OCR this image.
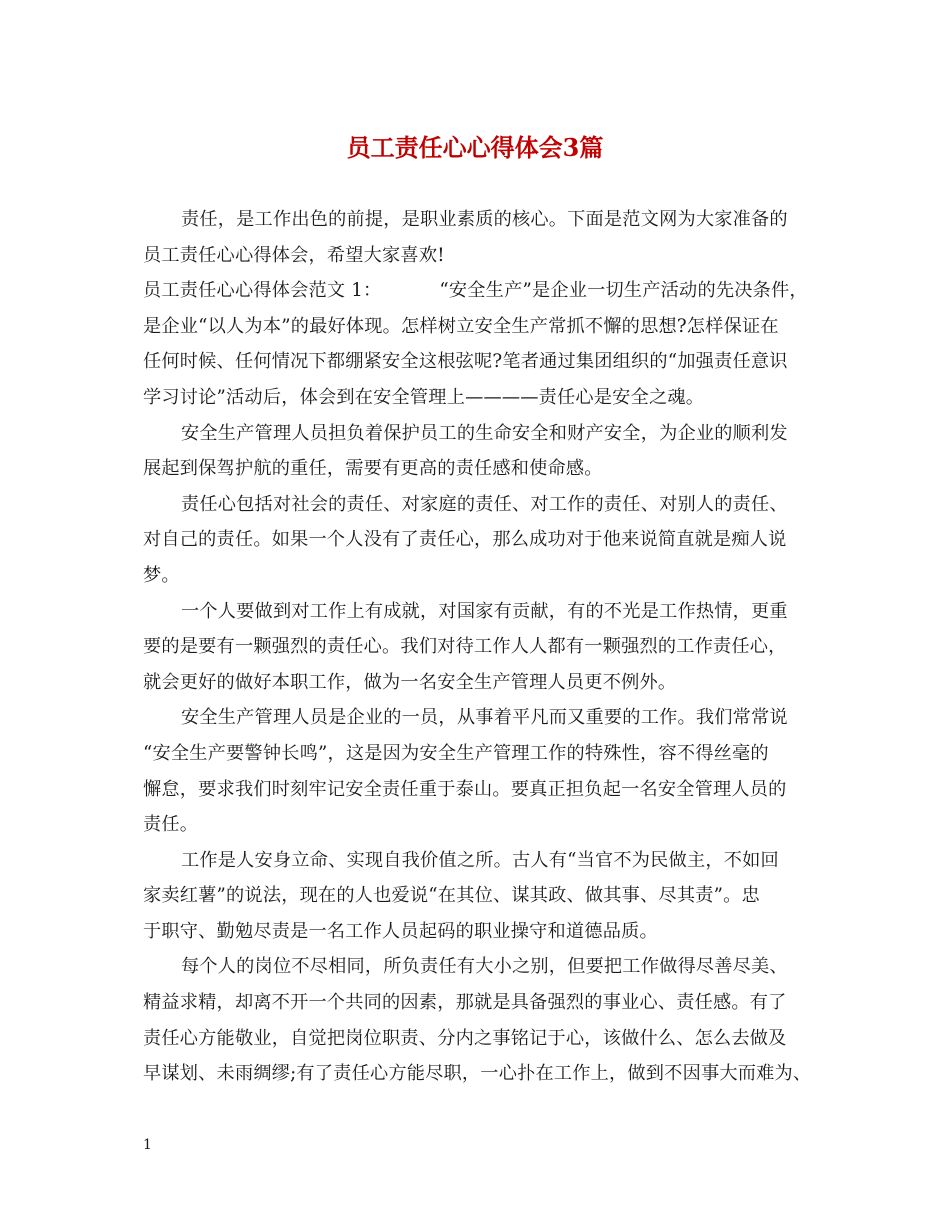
员工责任心心得体会3篇

责任，是工作出色的前提，是职业素质的核心。下面是范文网为大家准备的

员工责任心心得体会，希望大家喜欢!

员工责任心心得体会范文 1：	“安全生产”是企业一切生产活动的先决条件，

是企业“以人为本”的最好体现。怎样树立安全生产常抓不懈的思想?怎样保证在

任何时候、任何情况下都绷紧安全这根弦呢?笔者通过集团组织的“加强责任意识

学习讨论”活动后，体会到在安全管理上————责任心是安全之魂。

安全生产管理人员担负着保护员工的生命安全和财产安全，为企业的顺利发

展起到保驾护航的重任，需要有更高的责任感和使命感。

责任心包括对社会的责任、对家庭的责任、对工作的责任、对别人的责任、

对自己的责任。如果一个人没有了责任心，那么成功对于他来说简直就是痴人说

梦。

一个人要做到对工作上有成就，对国家有贡献，有的不光是工作热情，更重

要的是要有一颗强烈的责任心。我们对待工作人人都有一颗强烈的工作责任心，

就会更好的做好本职工作，做为一名安全生产管理人员更不例外。

安全生产管理人员是企业的一员，从事着平凡而又重要的工作。我们常常说

“安全生产要警钟长鸣”，这是因为安全生产管理工作的特殊性，容不得丝毫的

懈怠，要求我们时刻牢记安全责任重于泰山。要真正担负起一名安全管理人员的

责任。

工作是人安身立命、实现自我价值之所。古人有“当官不为民做主，不如回

家卖红薯”的说法，现在的人也爱说“在其位、谋其政、做其事、尽其责”。忠

于职守、勤勉尽责是一名工作人员起码的职业操守和道德品质。

每个人的岗位不尽相同，所负责任有大小之别，但要把工作做得尽善尽美、

精益求精，却离不开一个共同的因素，那就是具备强烈的事业心、责任感。有了

责任心方能敬业，自觉把岗位职责、分内之事铭记于心，该做什么、怎么去做及

早谋划、未雨绸缪;有了责任心方能尽职，一心扑在工作上，做到不因事大而难为、

1
